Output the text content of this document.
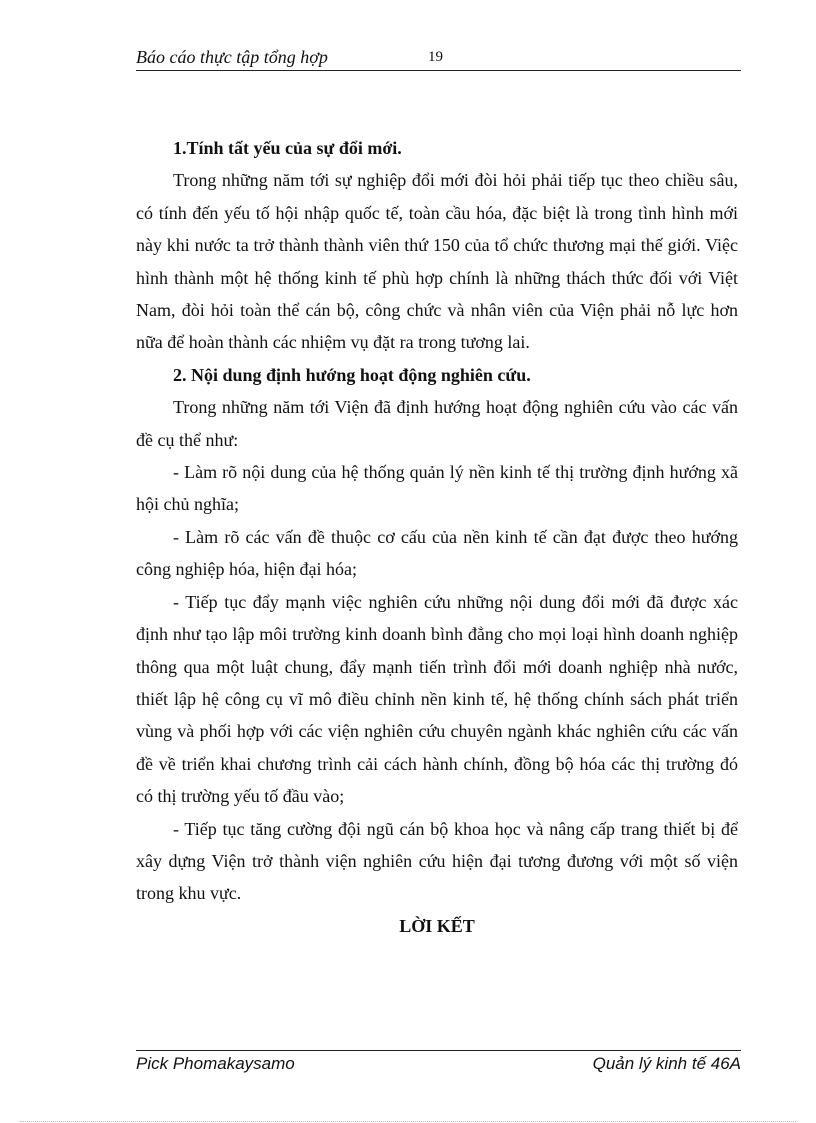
Báo cáo thực tập tổng hợp	19

1.Tính tất yếu của sự đổi mới.

Trong những năm tới sự nghiệp đổi mới đòi hỏi phải tiếp tục theo chiều sâu, có tính đến yếu tố hội nhập quốc tế, toàn cầu hóa, đặc biệt là trong tình hình mới này khi nước ta trở thành thành viên thứ 150 của tổ chức thương mại thế giới. Việc hình thành một hệ thống kinh tế phù hợp chính là những thách thức đối với Việt Nam, đòi hỏi toàn thể cán bộ, công chức và nhân viên của Viện phải nỗ lực hơn nữa để hoàn thành các nhiệm vụ đặt ra trong tương lai.

2. Nội dung định hướng hoạt động nghiên cứu.

Trong những năm tới Viện đã định hướng hoạt động nghiên cứu vào các vấn đề cụ thể như:

- Làm rõ nội dung của hệ thống quản lý nền kinh tế thị trường định hướng xã hội chủ nghĩa;

- Làm rõ các vấn đề thuộc cơ cấu của nền kinh tế cần đạt được theo hướng công nghiệp hóa, hiện đại hóa;

- Tiếp tục đẩy mạnh việc nghiên cứu những nội dung đổi mới đã được xác định như tạo lập môi trường kinh doanh bình đẳng cho mọi loại hình doanh nghiệp thông qua một luật chung, đẩy mạnh tiến trình đổi mới doanh nghiệp nhà nước, thiết lập hệ công cụ vĩ mô điều chỉnh nền kinh tế, hệ thống chính sách phát triển vùng và phối hợp với các viện nghiên cứu chuyên ngành khác nghiên cứu các vấn đề về triển khai chương trình cải cách hành chính, đồng bộ hóa các thị trường đó có thị trường yếu tố đầu vào;

- Tiếp tục tăng cường đội ngũ cán bộ khoa học và nâng cấp trang thiết bị để xây dựng Viện trở thành viện nghiên cứu hiện đại tương đương với một số viện trong khu vực.

LỜI KẾT

Pick Phomakaysamo	Quản lý kinh tế 46A
